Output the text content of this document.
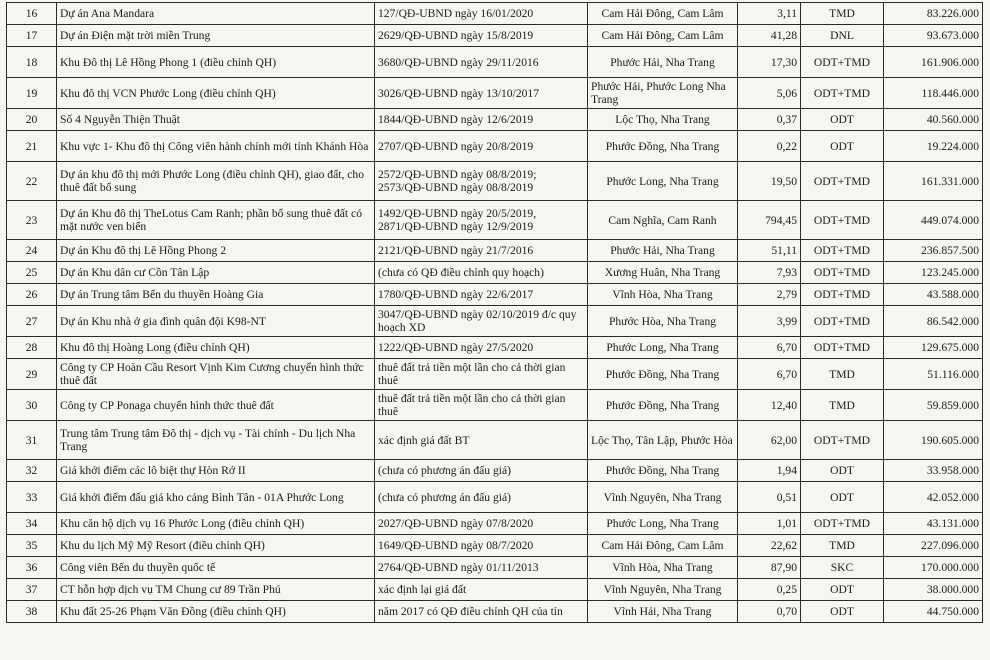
16	Dự án Ana Mandara	127/QĐ-UBND ngày 16/01/2020	Cam Hải Đông, Cam Lâm	3,11	TMD	83.226.000
17	Dự án Điện mặt trời miền Trung	2629/QĐ-UBND ngày 15/8/2019	Cam Hải Đông, Cam Lâm	41,28	DNL	93.673.000
18	Khu Đô thị Lê Hồng Phong 1 (điều chỉnh QH)	3680/QĐ-UBND ngày 29/11/2016	Phước Hải, Nha Trang	17,30	ODT+TMD	161.906.000
19	Khu đô thị VCN Phước Long (điều chỉnh QH)	3026/QĐ-UBND ngày 13/10/2017	Phước Hải, Phước Long Nha Trang	5,06	ODT+TMD	118.446.000
20	Số 4 Nguyễn Thiện Thuật	1844/QĐ-UBND ngày 12/6/2019	Lộc Thọ, Nha Trang	0,37	ODT	40.560.000
21	Khu vực 1- Khu đô thị Công viên hành chính mới tỉnh Khánh Hòa	2707/QĐ-UBND ngày 20/8/2019	Phước Đồng, Nha Trang	0,22	ODT	19.224.000
22	Dự án khu đô thị mới Phước Long (điều chỉnh QH), giao đất, cho thuê đất bổ sung	2572/QĐ-UBND ngày 08/8/2019; 2573/QĐ-UBND ngày 08/8/2019	Phước Long, Nha Trang	19,50	ODT+TMD	161.331.000
23	Dự án Khu đô thị TheLotus Cam Ranh; phần bổ sung thuê đất có mặt nước ven biển	1492/QĐ-UBND ngày 20/5/2019, 2871/QĐ-UBND ngày 12/9/2019	Cam Nghĩa, Cam Ranh	794,45	ODT+TMD	449.074.000
24	Dự án Khu đô thị Lê Hồng Phong 2	2121/QĐ-UBND ngày 21/7/2016	Phước Hải, Nha Trang	51,11	ODT+TMD	236.857.500
25	Dự án Khu dân cư Cồn Tân Lập	(chưa có QĐ điều chỉnh quy hoạch)	Xương Huân, Nha Trang	7,93	ODT+TMD	123.245.000
26	Dự án Trung tâm Bến du thuyền Hoàng Gia	1780/QĐ-UBND ngày 22/6/2017	Vĩnh Hòa, Nha Trang	2,79	ODT+TMD	43.588.000
27	Dự án Khu nhà ở gia đình quân đội K98-NT	3047/QĐ-UBND ngày 02/10/2019 đ/c quy hoạch XD	Phước Hòa, Nha Trang	3,99	ODT+TMD	86.542.000
28	Khu đô thị Hoàng Long (điều chỉnh QH)	1222/QĐ-UBND ngày 27/5/2020	Phước Long, Nha Trang	6,70	ODT+TMD	129.675.000
29	Công ty CP Hoàn Cầu Resort Vịnh Kim Cương chuyển hình thức thuê đất	thuê đất trả tiền một lần cho cả thời gian thuê	Phước Đồng, Nha Trang	6,70	TMD	51.116.000
30	Công ty CP Ponaga chuyển hình thức thuê đất	thuê đất trả tiền một lần cho cả thời gian thuê	Phước Đồng, Nha Trang	12,40	TMD	59.859.000
31	Trung tâm Trung tâm Đô thị - dịch vụ - Tài chính - Du lịch Nha Trang	xác định giá đất BT	Lộc Thọ, Tân Lập, Phước Hòa	62,00	ODT+TMD	190.605.000
32	Giá khởi điểm các lô biệt thự Hòn Rớ II	(chưa có phương án đấu giá)	Phước Đồng, Nha Trang	1,94	ODT	33.958.000
33	Giá khởi điểm đấu giá kho cảng Bình Tân - 01A Phước Long	(chưa có phương án đấu giá)	Vĩnh Nguyên, Nha Trang	0,51	ODT	42.052.000
34	Khu căn hộ dịch vụ 16 Phước Long (điều chỉnh QH)	2027/QĐ-UBND ngày 07/8/2020	Phước Long, Nha Trang	1,01	ODT+TMD	43.131.000
35	Khu du lịch Mỹ Mỹ Resort (điều chỉnh QH)	1649/QĐ-UBND ngày 08/7/2020	Cam Hải Đông, Cam Lâm	22,62	TMD	227.096.000
36	Công viên Bến du thuyền quốc tế	2764/QĐ-UBND ngày 01/11/2013	Vĩnh Hòa, Nha Trang	87,90	SKC	170.000.000
37	CT hỗn hợp dịch vụ TM Chung cư 89 Trần Phú	xác định lại giá đất	Vĩnh Nguyên, Nha Trang	0,25	ODT	38.000.000
38	Khu đất 25-26 Phạm Văn Đồng (điều chỉnh QH)	năm 2017 có QĐ điều chỉnh QH của tỉn	Vĩnh Hải, Nha Trang	0,70	ODT	44.750.000
